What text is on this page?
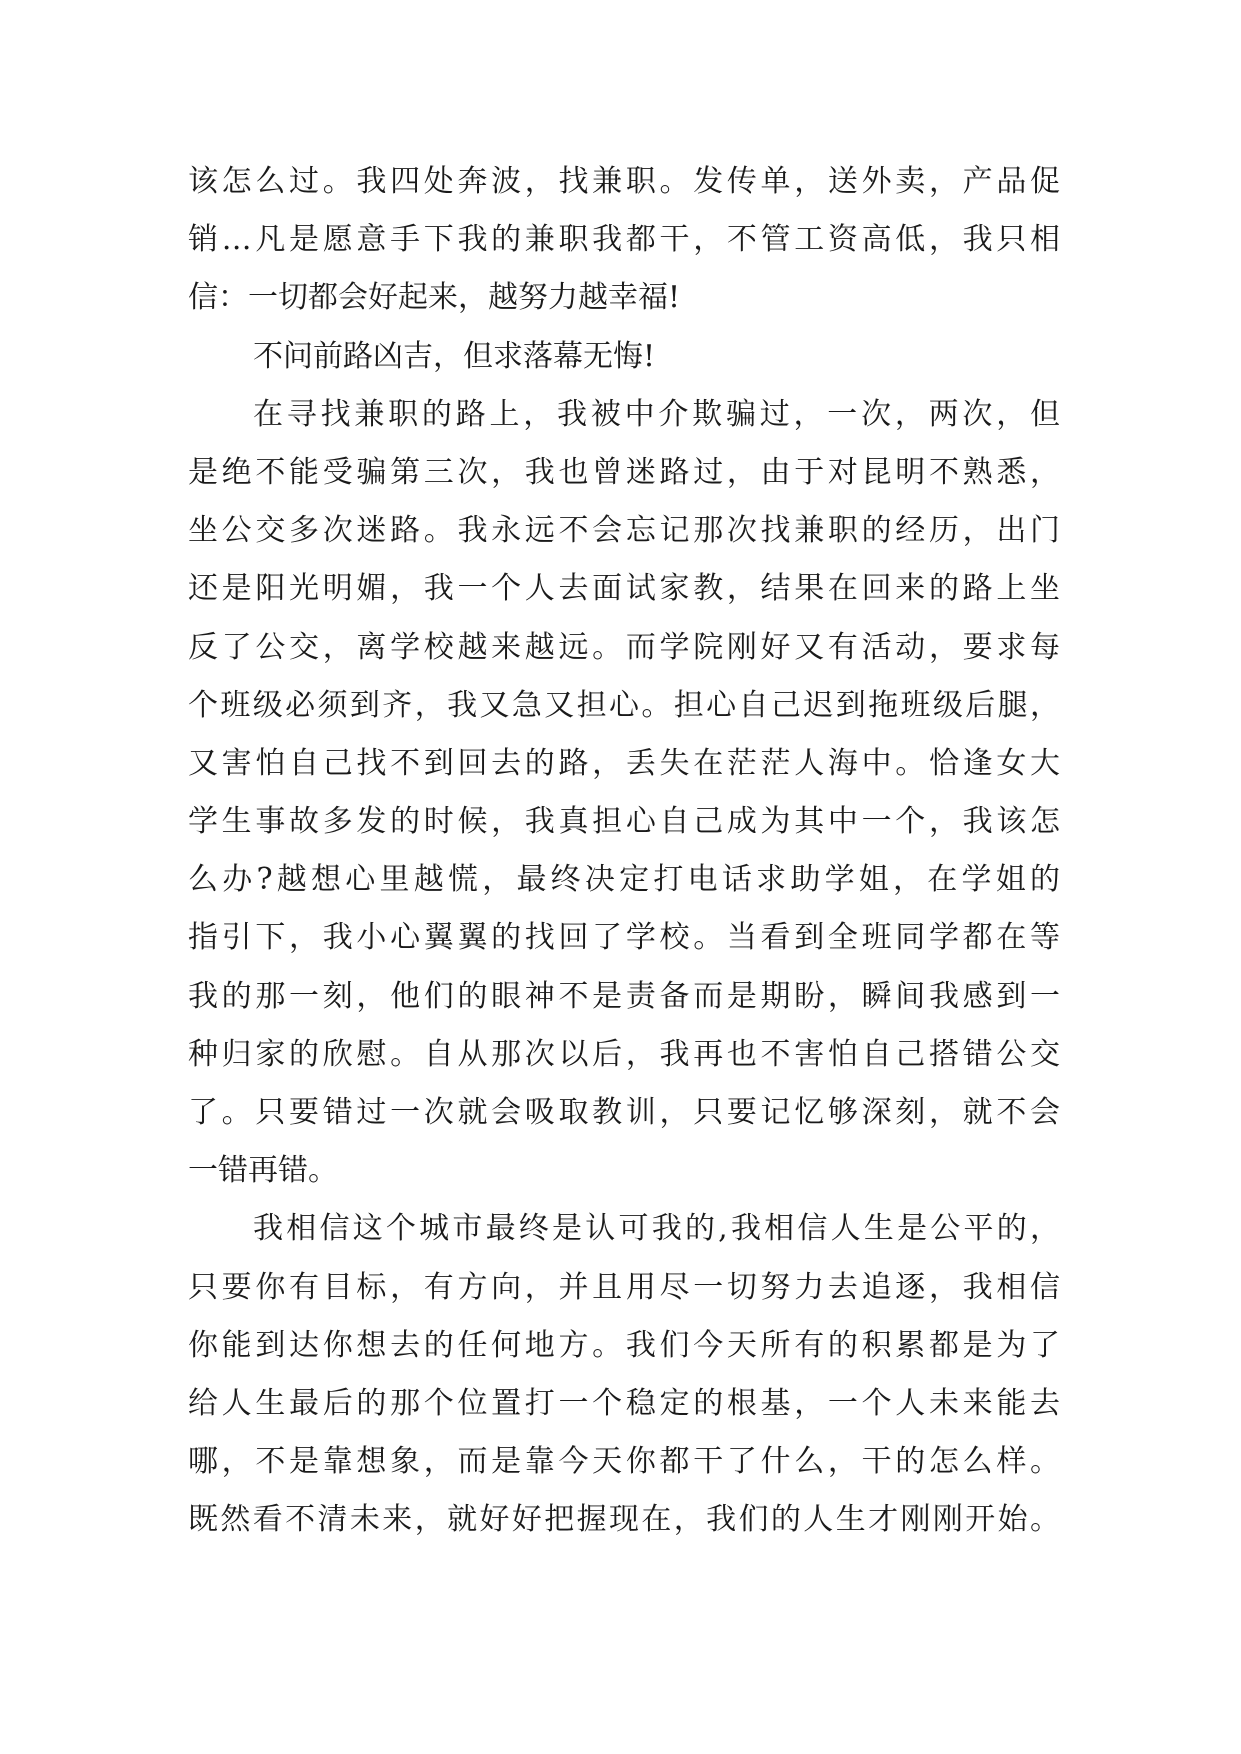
该怎么过。我四处奔波，找兼职。发传单，送外卖，产品促
销…凡是愿意手下我的兼职我都干，不管工资高低，我只相
信：一切都会好起来，越努力越幸福!
不问前路凶吉，但求落幕无悔!
在寻找兼职的路上，我被中介欺骗过，一次，两次，但
是绝不能受骗第三次，我也曾迷路过，由于对昆明不熟悉，
坐公交多次迷路。我永远不会忘记那次找兼职的经历，出门
还是阳光明媚，我一个人去面试家教，结果在回来的路上坐
反了公交，离学校越来越远。而学院刚好又有活动，要求每
个班级必须到齐，我又急又担心。担心自己迟到拖班级后腿，
又害怕自己找不到回去的路，丢失在茫茫人海中。恰逢女大
学生事故多发的时候，我真担心自己成为其中一个，我该怎
么办?越想心里越慌，最终决定打电话求助学姐，在学姐的
指引下，我小心翼翼的找回了学校。当看到全班同学都在等
我的那一刻，他们的眼神不是责备而是期盼，瞬间我感到一
种归家的欣慰。自从那次以后，我再也不害怕自己搭错公交
了。只要错过一次就会吸取教训，只要记忆够深刻，就不会
一错再错。
我相信这个城市最终是认可我的,我相信人生是公平的，
只要你有目标，有方向，并且用尽一切努力去追逐，我相信
你能到达你想去的任何地方。我们今天所有的积累都是为了
给人生最后的那个位置打一个稳定的根基，一个人未来能去
哪，不是靠想象，而是靠今天你都干了什么，干的怎么样。
既然看不清未来，就好好把握现在，我们的人生才刚刚开始。
